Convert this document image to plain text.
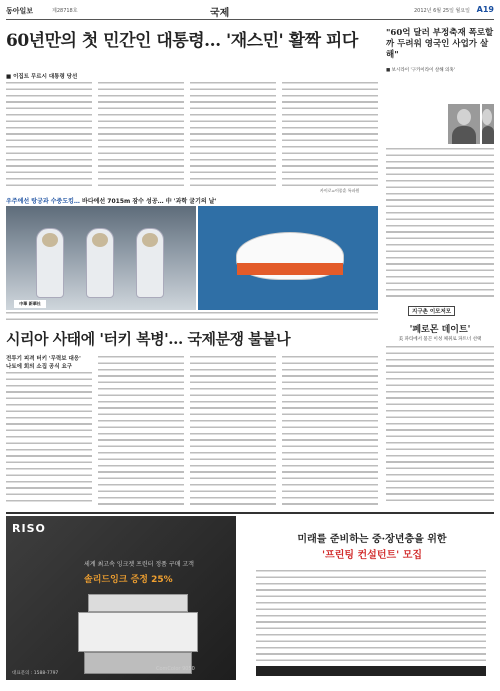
동아일보	제28718호	국제	2012년 6월 25일 월요일 A19
60년만의 첫 민간인 대통령… '재스민' 활짝 피다
■ 이집트 무르시 대통령 당선
카이로=이종훈 특파원
"60억 달러 부정축재 폭로할까 두려워 영국인 사업가 살해"
■ 보시라이 '구카이라이 살해 의혹'
우주에선 랑궁과 수중도킹… 바다에선 7015m 잠수 성공… 中 '과학 굴기의 날'
中華 新華社
시리아 사태에 '터키 복병'… 국제분쟁 불붙나
전투기 피격 터키 '무력보 대응'
나토에 회의 소집 공식 요구
지구촌 이모저모
'페로몬 데이트'
美 파티에서 불끈 이성 체취로 파트너 선택
RISO
세계 최고속 잉크젯 프린터 정품 구매 고객
솔리드잉크 증정 25%
ComColor 9050
대표문의 : 1588-7797
미래를 준비하는 중·장년층을 위한
'프린팅 컨설턴트' 모집
